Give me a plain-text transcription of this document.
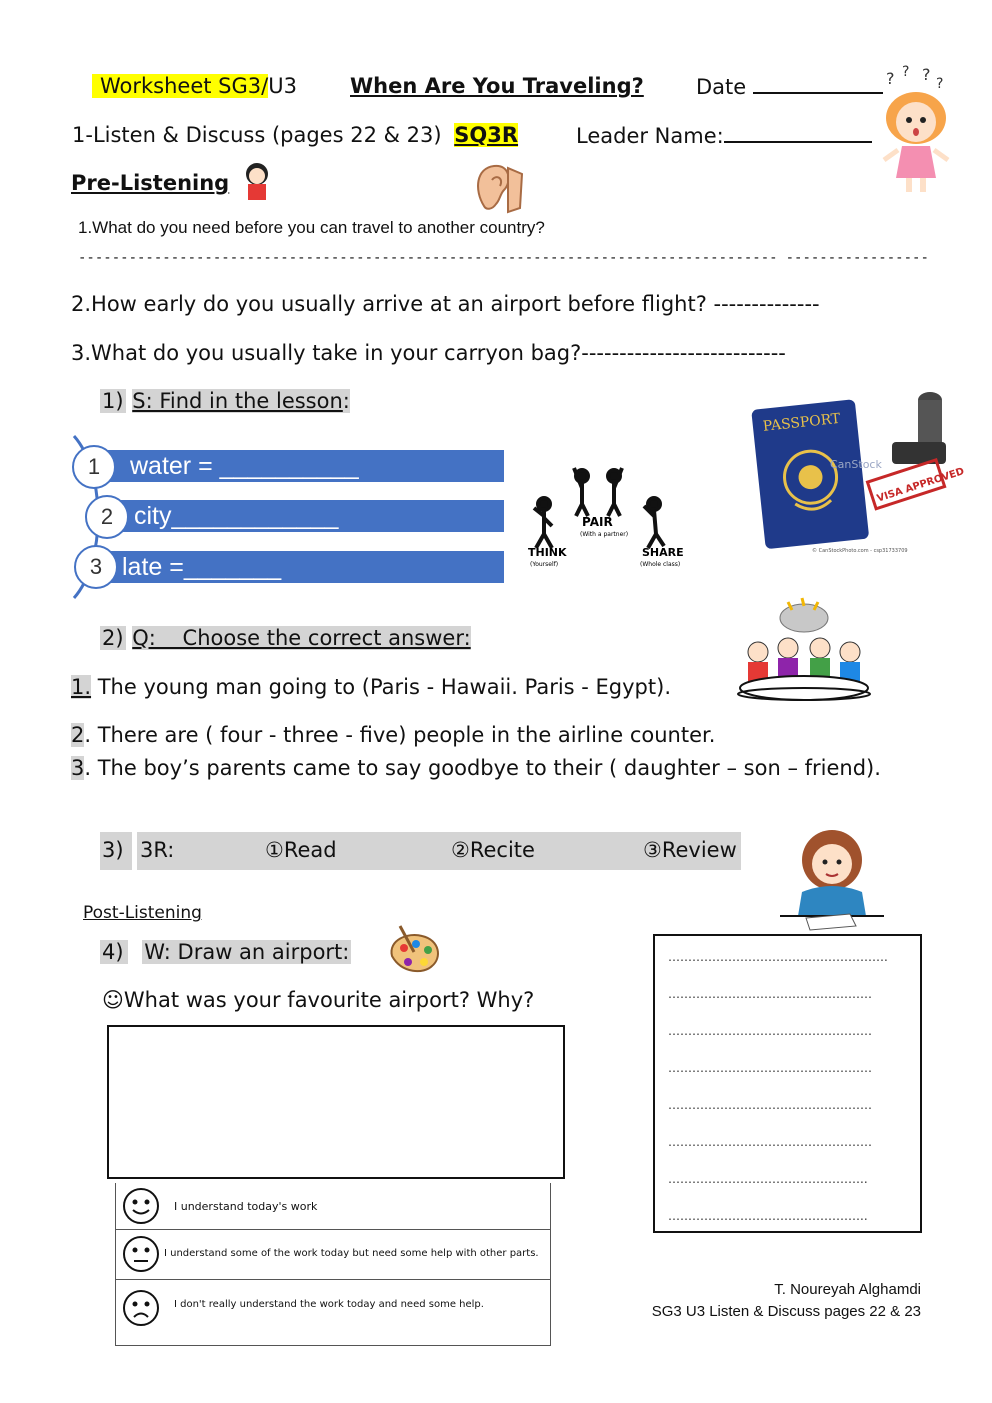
Worksheet SG3/U3	When Are You Traveling? Date	? ? ? ?
1-Listen & Discuss (pages 22 & 23) SQ3R	Leader Name:
Pre-Listening
1.What do you need before you can travel to another country?
----------------------------------------------------------------------------------- -----------------
2.How early do you usually arrive at an airport before flight? --------------
3.What do you usually take in your carryon bag?---------------------------
1) S: Find in the lesson:
water = __________
1
city____________
2
late =_______
3
THINK
(Yourself)
PAIR
(With a partner)
SHARE
(Whole class)
PASSPORT
CanStock
VISA APPROVED
© CanStockPhoto.com - csp31733709
2) Q:    Choose the correct answer:
1. The young man going to (Paris - Hawaii. Paris - Egypt).
2. There are ( four - three - five) people in the airline counter.
3. The boy’s parents came to say goodbye to their ( daughter – son – friend).
3) 3R:	①Read	②Recite	③Review
Post-Listening
4) W: Draw an airport:
☺What was your favourite airport? Why?
……………………………………………….
……………………………………………
……………………………………………
……………………………………………
……………………………………………
……………………………………………
…………………………………………..
…………………………………………..
I understand today's work
I understand some of the work today but need some help with other parts.
I don't really understand the work today and need some help.
T. Noureyah Alghamdi
SG3 U3 Listen & Discuss pages 22 & 23
